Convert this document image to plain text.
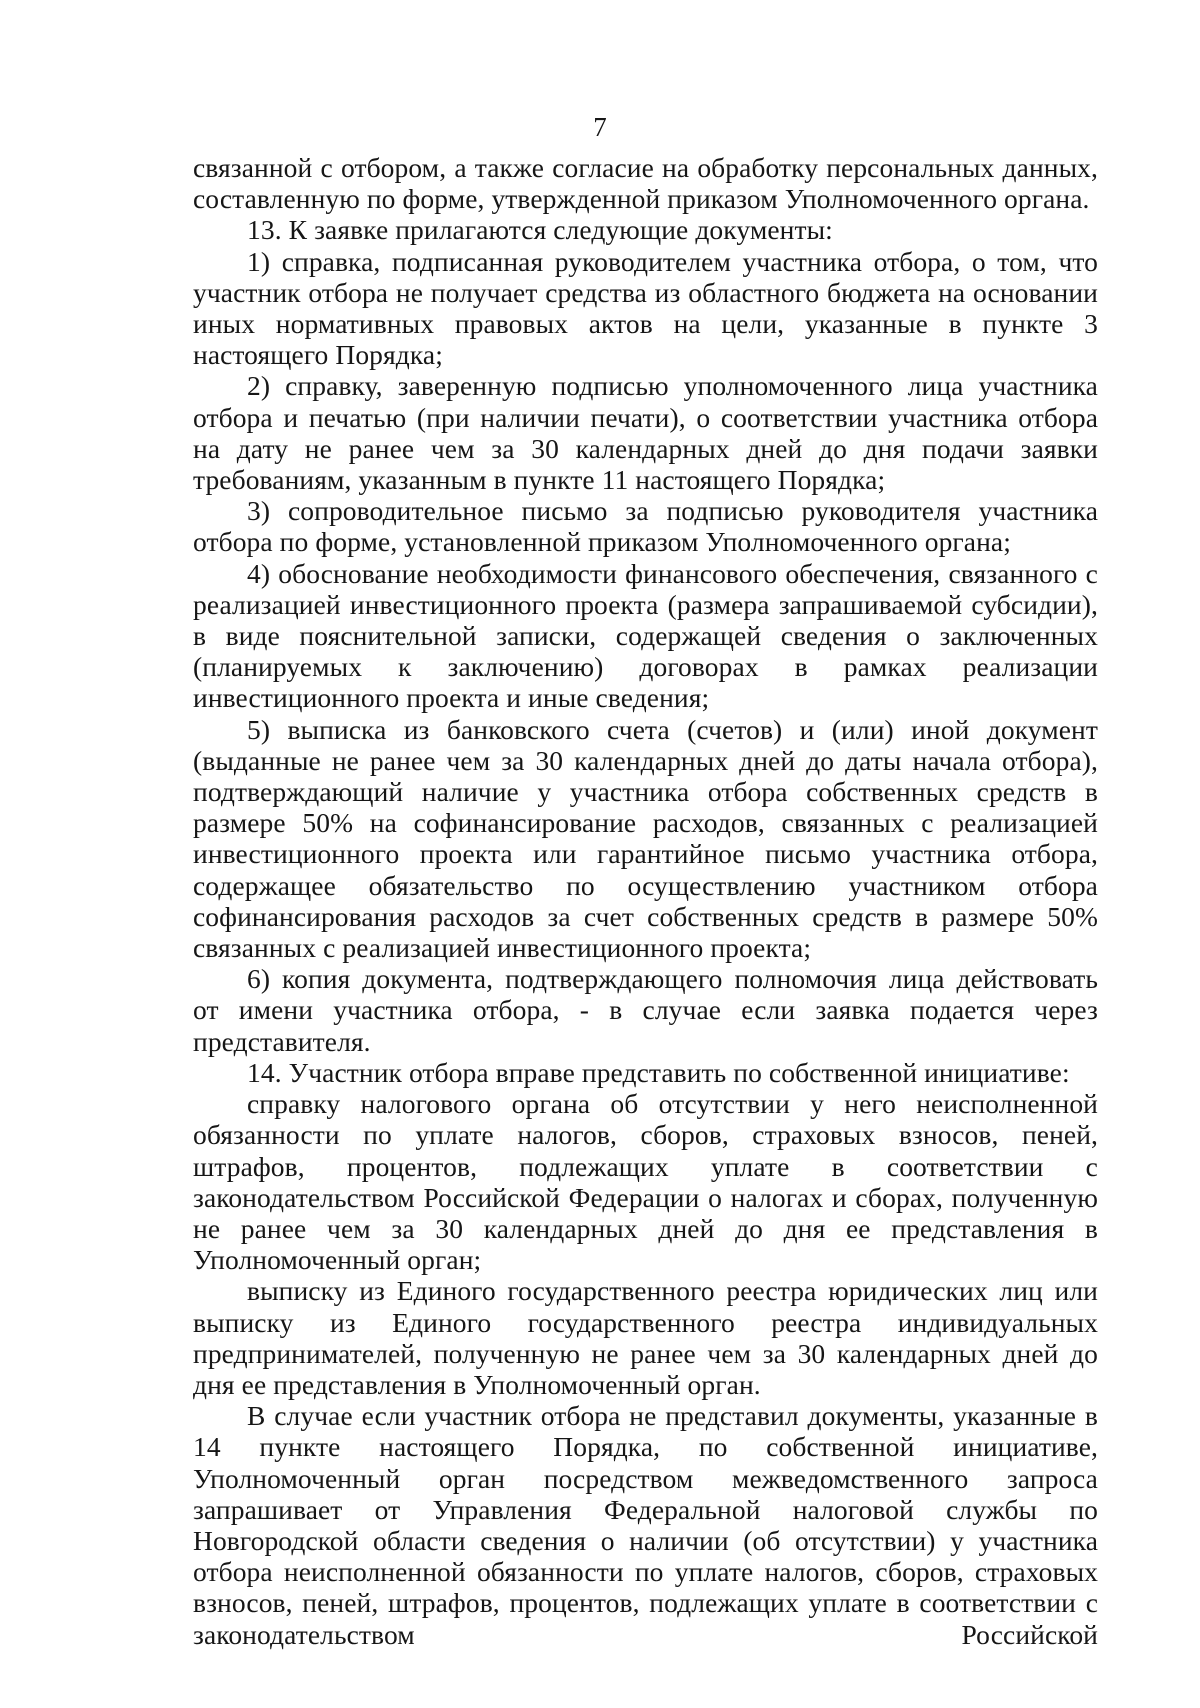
7

связанной с отбором, а также согласие на обработку персональных данных, составленную по форме, утвержденной приказом Уполномоченного органа.

13. К заявке прилагаются следующие документы:

1) справка, подписанная руководителем участника отбора, о том, что участник отбора не получает средства из областного бюджета на основании иных нормативных правовых актов на цели, указанные в пункте 3 настоящего Порядка;

2) справку, заверенную подписью уполномоченного лица участника отбора и печатью (при наличии печати), о соответствии участника отбора на дату не ранее чем за 30 календарных дней до дня подачи заявки требованиям, указанным в пункте 11 настоящего Порядка;

3) сопроводительное письмо за подписью руководителя участника отбора по форме, установленной приказом Уполномоченного органа;

4) обоснование необходимости финансового обеспечения, связанного с реализацией инвестиционного проекта (размера запрашиваемой субсидии), в виде пояснительной записки, содержащей сведения о заключенных (планируемых к заключению) договорах в рамках реализации инвестиционного проекта и иные сведения;

5) выписка из банковского счета (счетов) и (или) иной документ (выданные не ранее чем за 30 календарных дней до даты начала отбора), подтверждающий наличие у участника отбора собственных средств в размере 50% на софинансирование расходов, связанных с реализацией инвестиционного проекта или гарантийное письмо участника отбора, содержащее обязательство по осуществлению участником отбора софинансирования расходов за счет собственных средств в размере 50% связанных с реализацией инвестиционного проекта;

6) копия документа, подтверждающего полномочия лица действовать от имени участника отбора, - в случае если заявка подается через представителя.

14. Участник отбора вправе представить по собственной инициативе:

справку налогового органа об отсутствии у него неисполненной обязанности по уплате налогов, сборов, страховых взносов, пеней, штрафов, процентов, подлежащих уплате в соответствии с законодательством Российской Федерации о налогах и сборах, полученную не ранее чем за 30 календарных дней до дня ее представления в Уполномоченный орган;

выписку из Единого государственного реестра юридических лиц или выписку из Единого государственного реестра индивидуальных предпринимателей, полученную не ранее чем за 30 календарных дней до дня ее представления в Уполномоченный орган.

В случае если участник отбора не представил документы, указанные в 14 пункте настоящего Порядка, по собственной инициативе, Уполномоченный орган посредством межведомственного запроса запрашивает от Управления Федеральной налоговой службы по Новгородской области сведения о наличии (об отсутствии) у участника отбора неисполненной обязанности по уплате налогов, сборов, страховых взносов, пеней, штрафов, процентов, подлежащих уплате в соответствии с законодательством Российской
